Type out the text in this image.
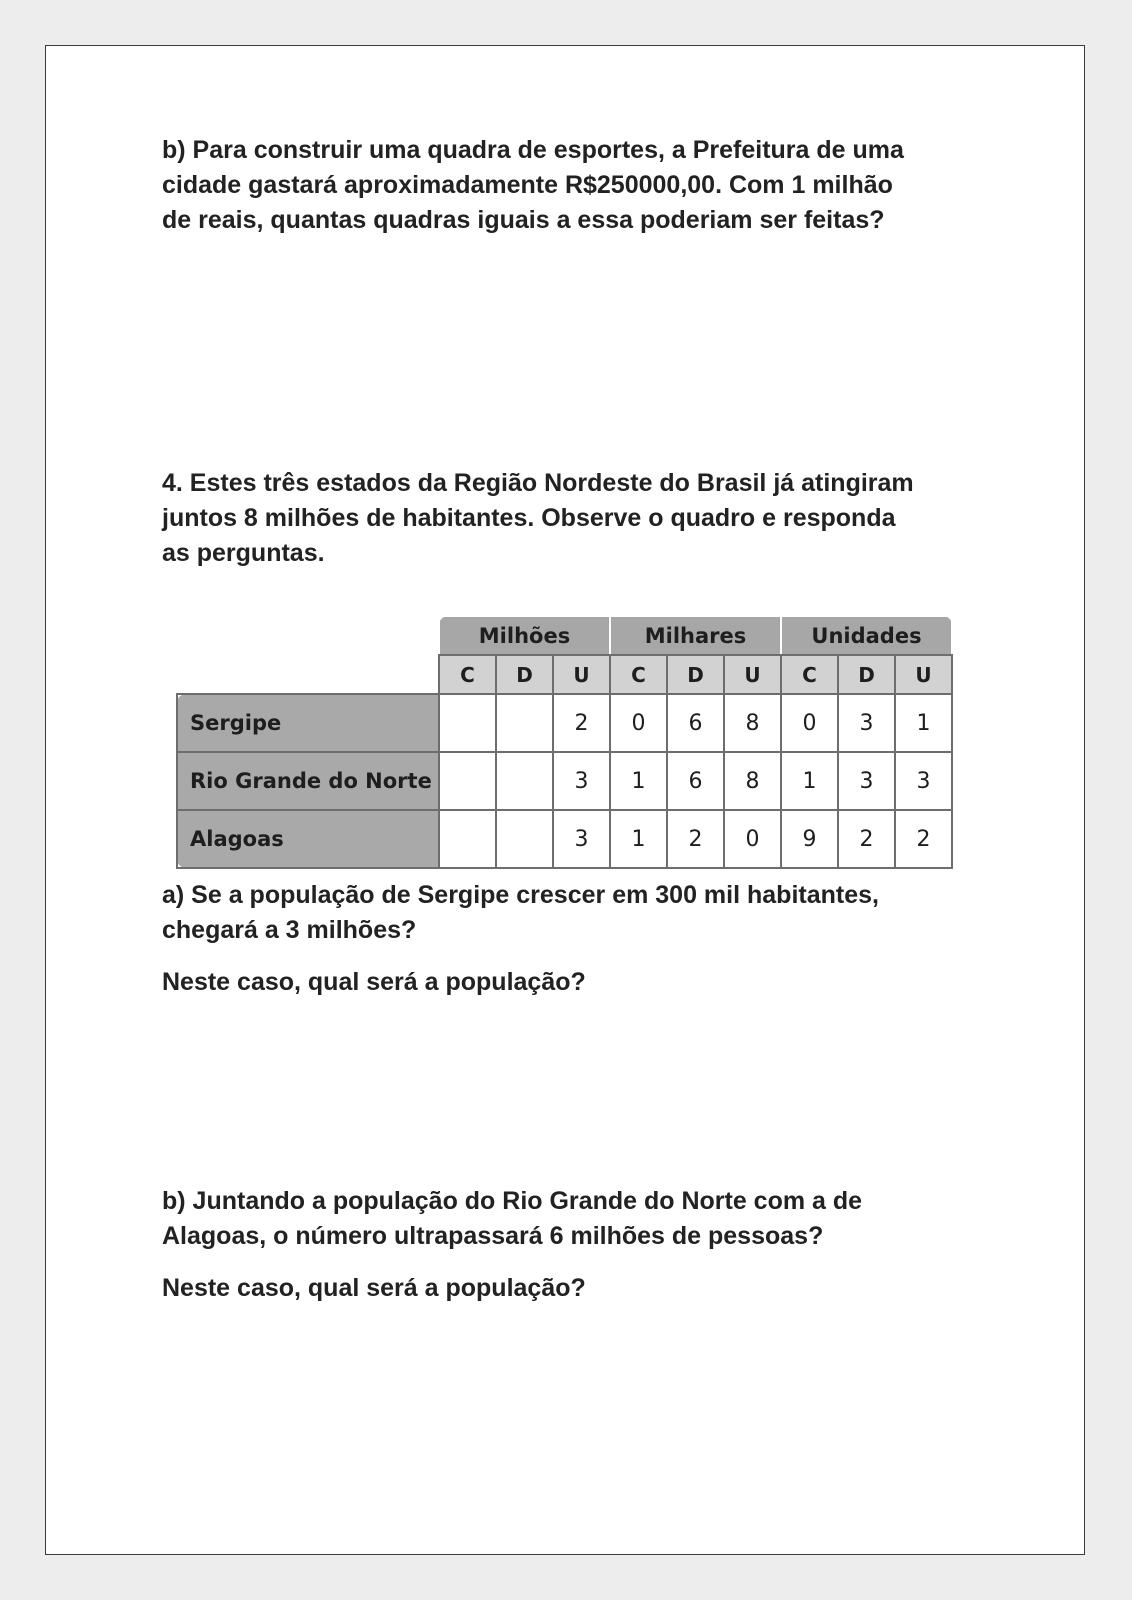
b) Para construir uma quadra de esportes, a Prefeitura de uma
cidade gastará aproximadamente R$250000,00. Com 1 milhão
de reais, quantas quadras iguais a essa poderiam ser feitas?

4. Estes três estados da Região Nordeste do Brasil já atingiram
juntos 8 milhões de habitantes. Observe o quadro e responda
as perguntas.

	Milhões			Milhares			Unidades		
	C	D	U	C	D	U	C	D	U
Sergipe			2	0	6	8	0	3	1
Rio Grande do Norte			3	1	6	8	1	3	3
Alagoas			3	1	2	0	9	2	2

a) Se a população de Sergipe crescer em 300 mil habitantes,
chegará a 3 milhões?

Neste caso, qual será a população?

b) Juntando a população do Rio Grande do Norte com a de
Alagoas, o número ultrapassará 6 milhões de pessoas?

Neste caso, qual será a população?
